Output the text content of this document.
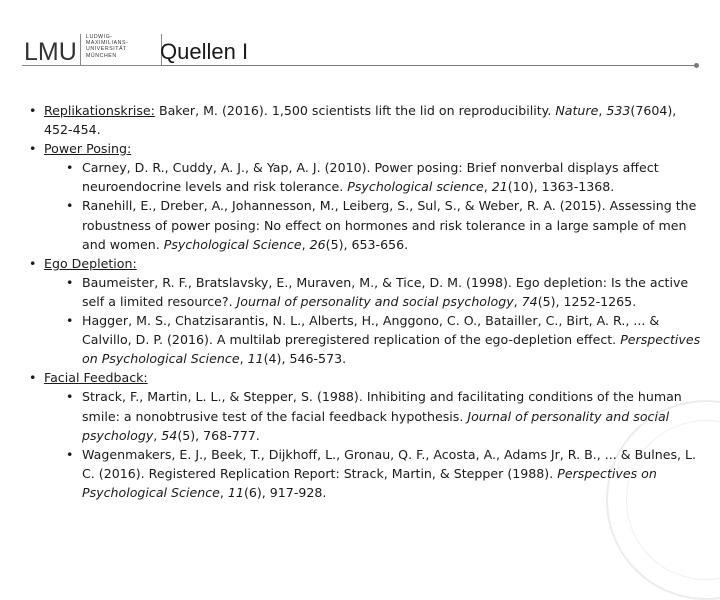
LMU
LUDWIG-
MAXIMILIANS-
UNIVERSITÄT
MÜNCHEN	Quellen I
• Replikationskrise: Baker, M. (2016). 1,500 scientists lift the lid on reproducibility. Nature, 533(7604), 452-454.
• Power Posing:
• Carney, D. R., Cuddy, A. J., & Yap, A. J. (2010). Power posing: Brief nonverbal displays affect neuroendocrine levels and risk tolerance. Psychological science, 21(10), 1363-1368.
• Ranehill, E., Dreber, A., Johannesson, M., Leiberg, S., Sul, S., & Weber, R. A. (2015). Assessing the robustness of power posing: No effect on hormones and risk tolerance in a large sample of men and women. Psychological Science, 26(5), 653-656.
• Ego Depletion:
• Baumeister, R. F., Bratslavsky, E., Muraven, M., & Tice, D. M. (1998). Ego depletion: Is the active self a limited resource?. Journal of personality and social psychology, 74(5), 1252-1265.
• Hagger, M. S., Chatzisarantis, N. L., Alberts, H., Anggono, C. O., Batailler, C., Birt, A. R., ... & Calvillo, D. P. (2016). A multilab preregistered replication of the ego-depletion effect. Perspectives on Psychological Science, 11(4), 546-573.
• Facial Feedback:
• Strack, F., Martin, L. L., & Stepper, S. (1988). Inhibiting and facilitating conditions of the human smile: a nonobtrusive test of the facial feedback hypothesis. Journal of personality and social psychology, 54(5), 768-777.
• Wagenmakers, E. J., Beek, T., Dijkhoff, L., Gronau, Q. F., Acosta, A., Adams Jr, R. B., ... & Bulnes, L. C. (2016). Registered Replication Report: Strack, Martin, & Stepper (1988). Perspectives on Psychological Science, 11(6), 917-928.
